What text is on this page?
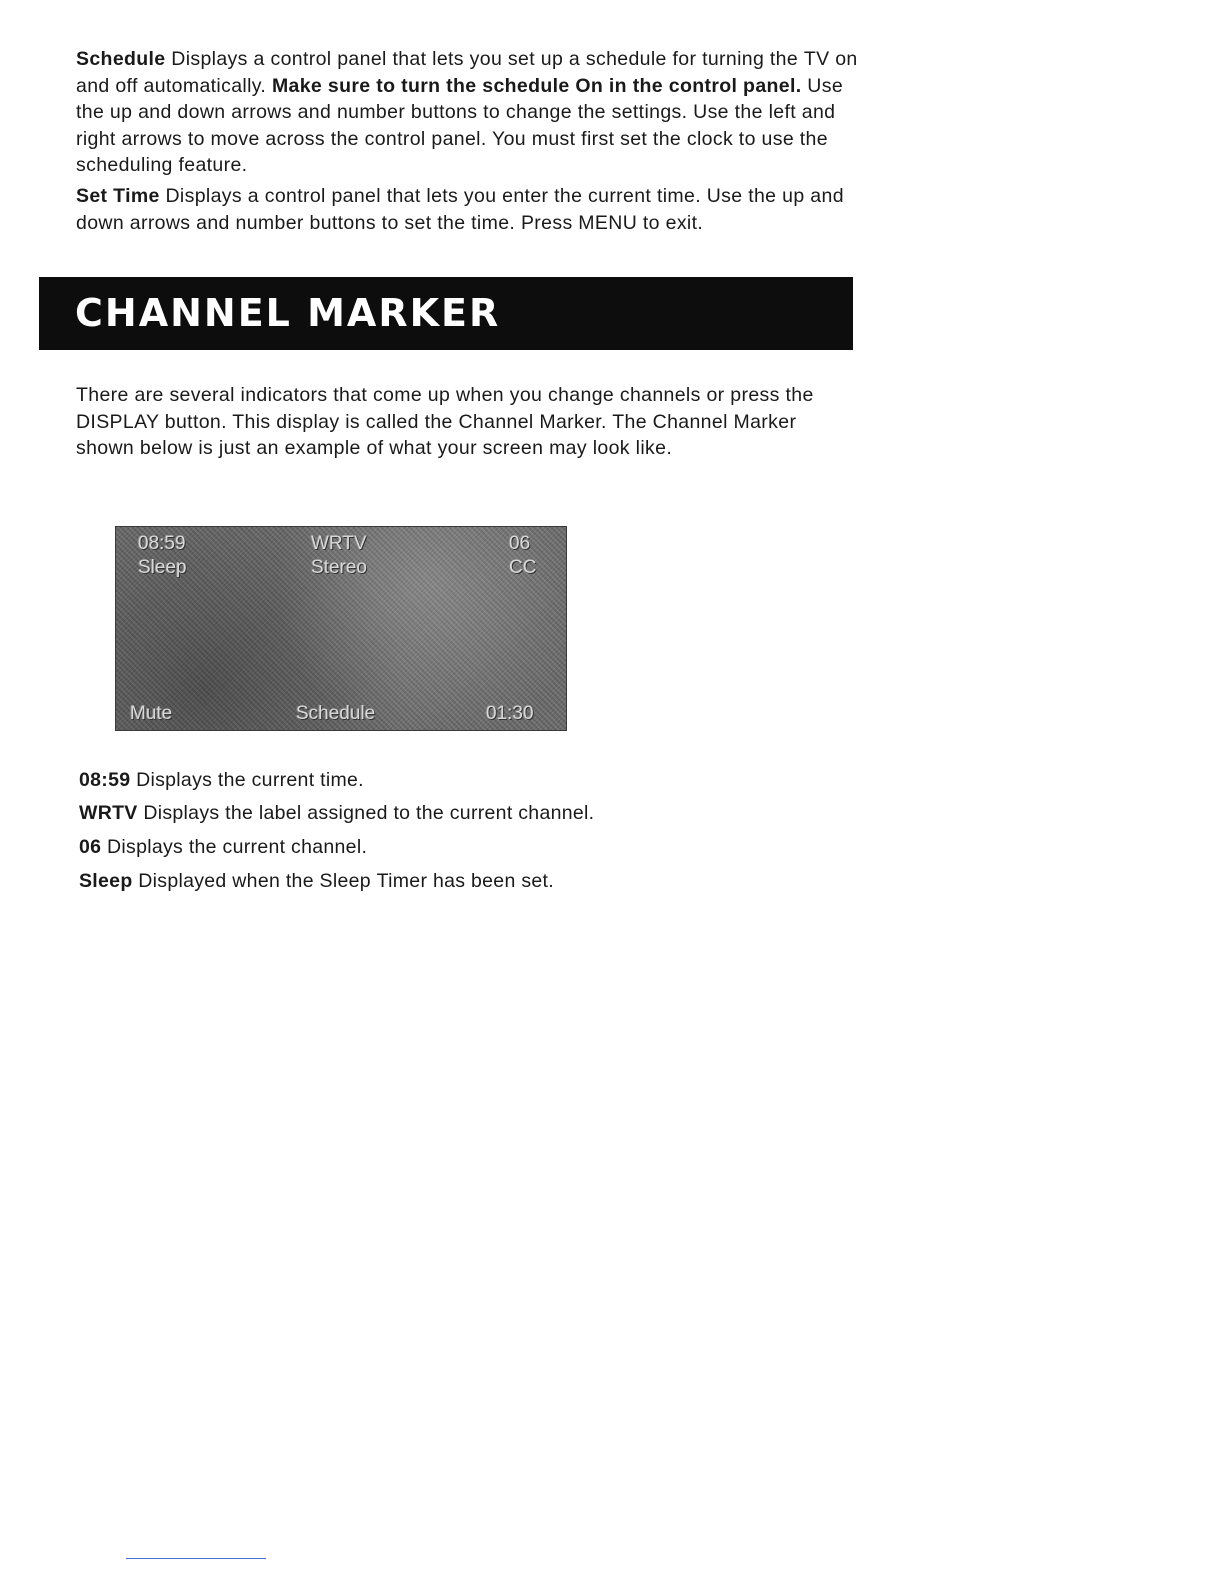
Schedule Displays a control panel that lets you set up a schedule for turning the TV on and off automatically. Make sure to turn the schedule On in the control panel. Use the up and down arrows and number buttons to change the settings. Use the left and right arrows to move across the control panel. You must first set the clock to use the scheduling feature.

Set Time Displays a control panel that lets you enter the current time. Use the up and down arrows and number buttons to set the time. Press MENU to exit.

CHANNEL MARKER

There are several indicators that come up when you change channels or press the DISPLAY button. This display is called the Channel Marker. The Channel Marker shown below is just an example of what your screen may look like.

08:59	WRTV	06
Sleep	Stereo	CC
Mute	Schedule	01:30

08:59 Displays the current time.

WRTV Displays the label assigned to the current channel.

06 Displays the current channel.

Sleep Displayed when the Sleep Timer has been set.
